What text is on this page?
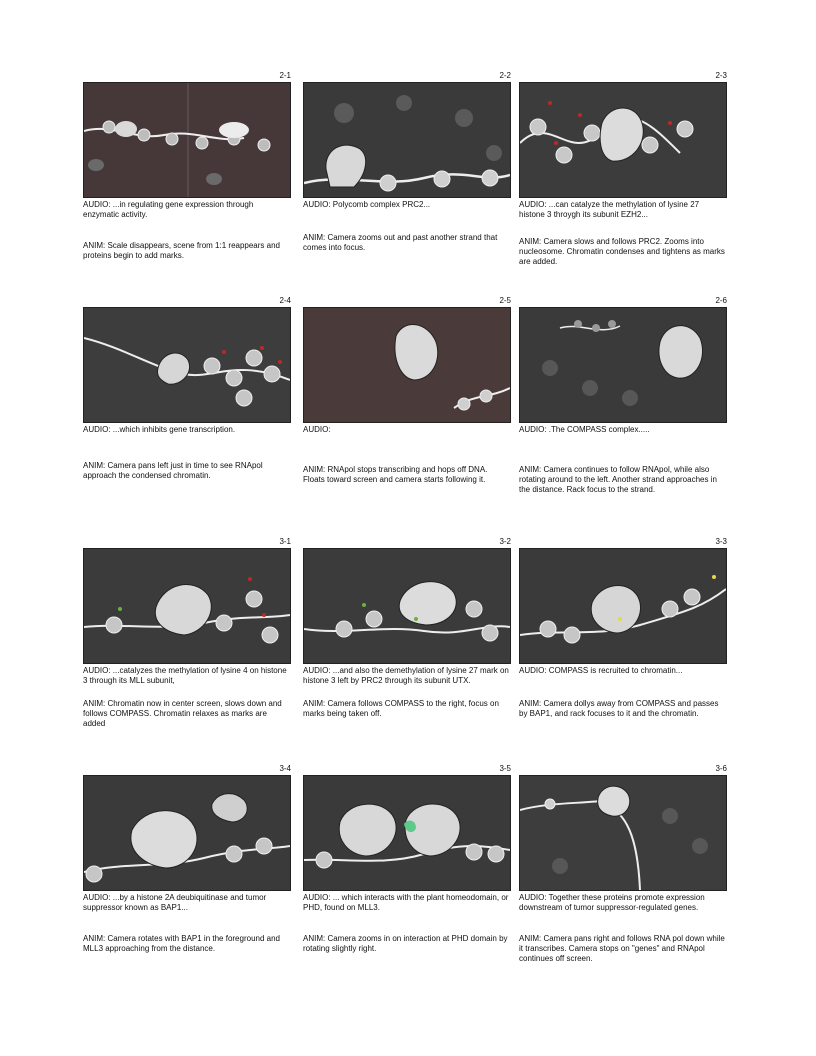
2-1
AUDIO: ...in regulating gene expression through enzymatic activity.
ANIM: Scale disappears, scene from 1:1 reappears and proteins begin to add marks.
2-2
AUDIO: Polycomb complex PRC2...
ANIM: Camera zooms out and past another strand that comes into focus.
2-3
AUDIO: ...can catalyze the methylation of lysine 27 histone 3 throygh its subunit EZH2...
ANIM: Camera slows and follows PRC2. Zooms into nucleosome. Chromatin condenses and tightens as marks are added.
2-4
AUDIO: ...which inhibits gene transcription.
ANIM: Camera pans left just in time to see RNApol approach the condensed chromatin.
2-5
AUDIO:
ANIM: RNApol stops transcribing and hops off DNA. Floats toward screen and camera starts following it.
2-6
AUDIO: .The COMPASS complex.....
ANIM: Camera continues to follow RNApol, while also rotating around to the left. Another strand approaches in the distance. Rack focus to the strand.
3-1
AUDIO: ...catalyzes the methylation of lysine 4 on histone 3 through its MLL subunit,
ANIM: Chromatin now in center screen, slows down and follows COMPASS. Chromatin relaxes as marks are added
3-2
AUDIO: ...and also the demethylation of lysine 27 mark on histone 3 left by PRC2 through its subunit UTX.
ANIM: Camera follows COMPASS to the right, focus on marks being taken off.
3-3
AUDIO: COMPASS is recruited to chromatin...
ANIM: Camera dollys away from COMPASS and passes by BAP1, and rack focuses to it and the chromatin.
3-4
AUDIO: ...by a histone 2A deubiquitinase and tumor suppressor known as BAP1...
ANIM: Camera rotates with BAP1 in the foreground and MLL3 approaching from the distance.
3-5
AUDIO: ... which interacts with the plant homeodomain, or PHD, found on MLL3.
ANIM: Camera zooms in on interaction at PHD domain by rotating slightly right.
3-6
AUDIO: Together these proteins promote expression downstream of tumor suppressor-regulated genes.
ANIM: Camera pans right and follows RNA pol down while it transcribes. Camera stops on "genes" and RNApol continues off screen.
